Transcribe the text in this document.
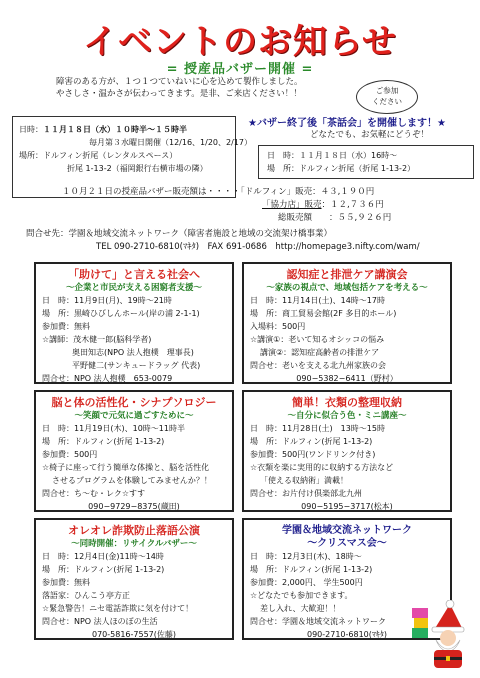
イベントのお知らせ
= 授産品バザー開催 =
障害のある方が、１つ１つていねいに心を込めて製作しました。
やさしさ・温かさが伝わってきます。是非、ご来店ください！！	ご参加
ください
日時：１１月１８日（水）１０時半〜１５時半
毎月第３水曜日開催（12/16、1/20、2/17）
場所：ドルフィン折尾（レンタルスペース）
折尾 1-13-2（福岡銀行右横市場の隣）
★バザー終了後「茶話会」を開催します！★
どなたでも、お気軽にどうぞ！
日　時：１１月１８日（水）16時〜
場　所：ドルフィン折尾（折尾 1-13-2）
１０月２１日の授産品バザー販売額は・・・・「ドルフィン」販売：４３,１９０円
「協力店」販売：１２,７３６円
総販売額　　：５５,９２６円
問合せ先：学園＆地域交流ネットワーク（障害者施設と地域の交流架け橋事業）
TEL 090-2710-6810(ﾏｷﾀ)　FAX 691-0686　http://homepage3.nifty.com/wam/
「助けて」と言える社会へ
〜企業と市民が支える困窮者支援〜
日　時：11月9日(月)、19時〜21時
場　所：黒崎ひびしんホール(岸の浦 2-1-1)
参加費：無料
☆講師：茂木健一郎(脳科学者)
奥田知志(NPO 法人抱樸　理事長)
平野健二(サンキュードラッグ 代表)
問合せ：NPO 法人抱樸　653-0079
認知症と排泄ケア講演会
〜家族の視点で、地域包括ケアを考える〜
日　時：11月14日(土)、14時〜17時
場　所：商工貿易会館(2F 多目的ホール)
入場料：500円
☆講演①：老いて知るオシッコの悩み
講演②：認知症高齢者の排泄ケア
問合せ：老いを支える北九州家族の会
090−5382−6411（野村）
脳と体の活性化・シナプソロジー
〜笑顔で元気に過ごすために〜
日　時：11月19日(木)、10時〜11時半
場　所：ドルフィン(折尾 1-13-2)
参加費：500円
☆椅子に座って行う簡単な体操と、脳を活性化
させるプログラムを体験してみませんか？！
問合せ：ち〜む・レク☆すす
090−9729−8375(蔵田)
簡単！衣類の整理収納
〜自分に似合う色・ミニ講座〜
日　時：11月28日(土)　13時〜15時
場　所：ドルフィン(折尾 1-13-2)
参加費：500円(ワンドリンク付き)
☆衣類を楽に実用的に収納する方法など
「使える収納術」満載！
問合せ：お片付け倶楽部北九州
090−5195−3717(松本)
オレオレ詐欺防止落語公演
〜同時開催：リサイクルバザー〜
日　時：12月4日(金)11時〜14時
場　所：ドルフィン(折尾 1-13-2)
参加費：無料
落語家：ひんこう亭方正
☆緊急警告！ニセ電話詐欺に気を付けて！
問合せ：NPO 法人ほのぼの生活
070-5816-7557(佐藤)
学園＆地域交流ネットワーク
〜クリスマス会〜
日　時：12月3日(木)、18時〜
場　所：ドルフィン(折尾 1-13-2)
参加費：2,000円、 学生500円
☆どなたでも参加できます。
差し入れ、大歓迎！！
問合せ：学園＆地域交流ネットワーク
090-2710-6810(ﾏｷﾀ)
